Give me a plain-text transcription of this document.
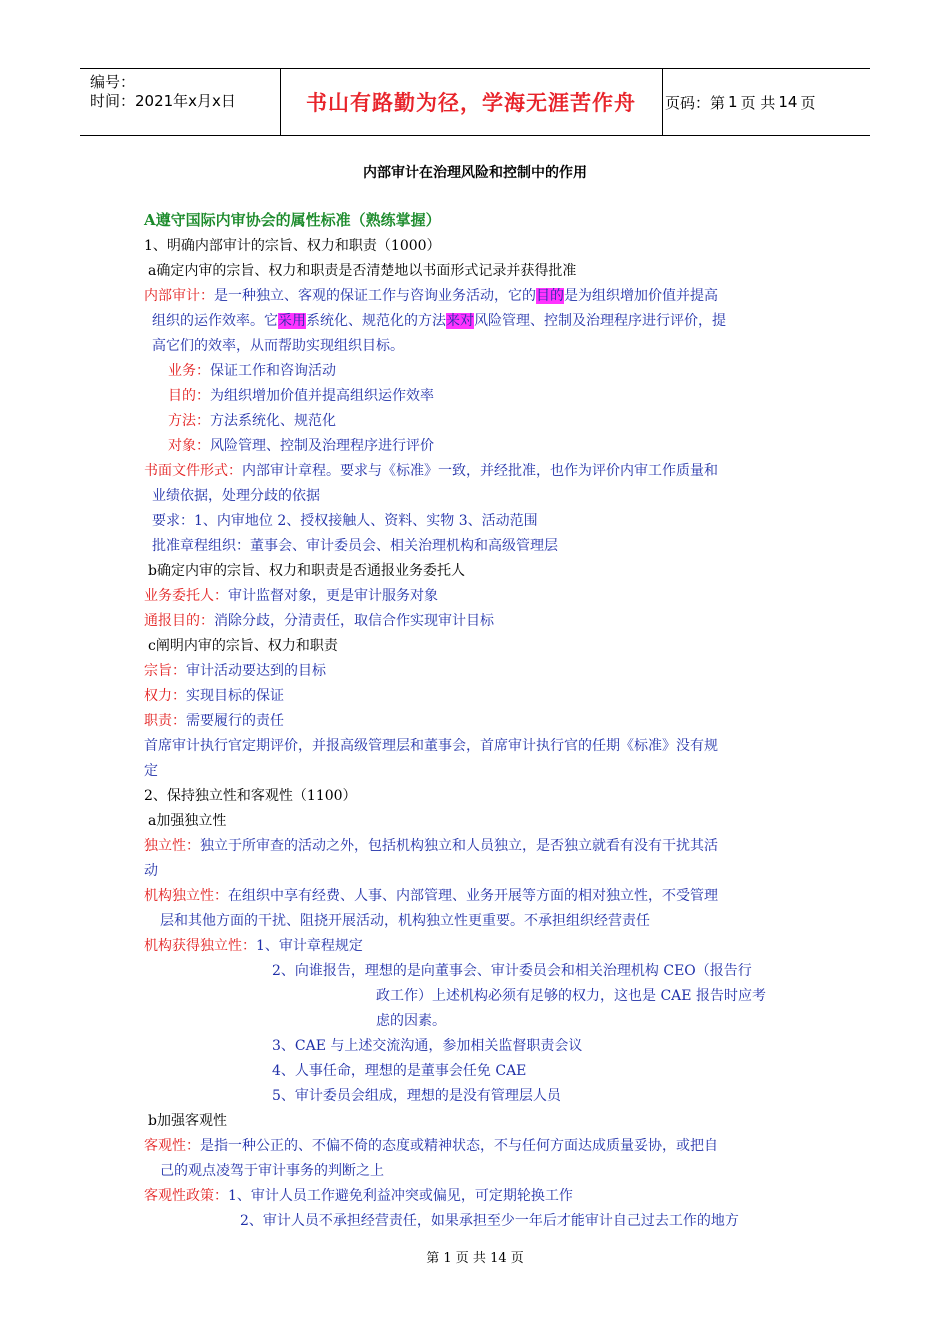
编号：
时间：2021年x月x日	书山有路勤为径，学海无涯苦作舟	页码：第 1 页 共 14 页
内部审计在治理风险和控制中的作用
A遵守国际内审协会的属性标准（熟练掌握）
1、明确内部审计的宗旨、权力和职责（1000）
a确定内审的宗旨、权力和职责是否清楚地以书面形式记录并获得批准
内部审计：是一种独立、客观的保证工作与咨询业务活动，它的目的是为组织增加价值并提高
组织的运作效率。它采用系统化、规范化的方法来对风险管理、控制及治理程序进行评价，提
高它们的效率，从而帮助实现组织目标。
业务：保证工作和咨询活动
目的：为组织增加价值并提高组织运作效率
方法：方法系统化、规范化
对象：风险管理、控制及治理程序进行评价
书面文件形式：内部审计章程。要求与《标准》一致，并经批准，也作为评价内审工作质量和
业绩依据，处理分歧的依据
要求：1、内审地位 2、授权接触人、资料、实物 3、活动范围
批准章程组织：董事会、审计委员会、相关治理机构和高级管理层
b确定内审的宗旨、权力和职责是否通报业务委托人
业务委托人：审计监督对象，更是审计服务对象
通报目的：消除分歧，分清责任，取信合作实现审计目标
c阐明内审的宗旨、权力和职责
宗旨：审计活动要达到的目标
权力：实现目标的保证
职责：需要履行的责任
首席审计执行官定期评价，并报高级管理层和董事会，首席审计执行官的任期《标准》没有规
定
2、保持独立性和客观性（1100）
a加强独立性
独立性：独立于所审查的活动之外，包括机构独立和人员独立，是否独立就看有没有干扰其活
动
机构独立性：在组织中享有经费、人事、内部管理、业务开展等方面的相对独立性，不受管理
层和其他方面的干扰、阻挠开展活动，机构独立性更重要。不承担组织经营责任
机构获得独立性：1、审计章程规定
2、向谁报告，理想的是向董事会、审计委员会和相关治理机构 CEO（报告行
政工作）上述机构必须有足够的权力，这也是 CAE 报告时应考
虑的因素。
3、CAE 与上述交流沟通，参加相关监督职责会议
4、人事任命，理想的是董事会任免 CAE
5、审计委员会组成，理想的是没有管理层人员
b加强客观性
客观性：是指一种公正的、不偏不倚的态度或精神状态，不与任何方面达成质量妥协，或把自
己的观点凌驾于审计事务的判断之上
客观性政策：1、审计人员工作避免利益冲突或偏见，可定期轮换工作
2、审计人员不承担经营责任，如果承担至少一年后才能审计自己过去工作的地方
第 1 页 共 14 页
